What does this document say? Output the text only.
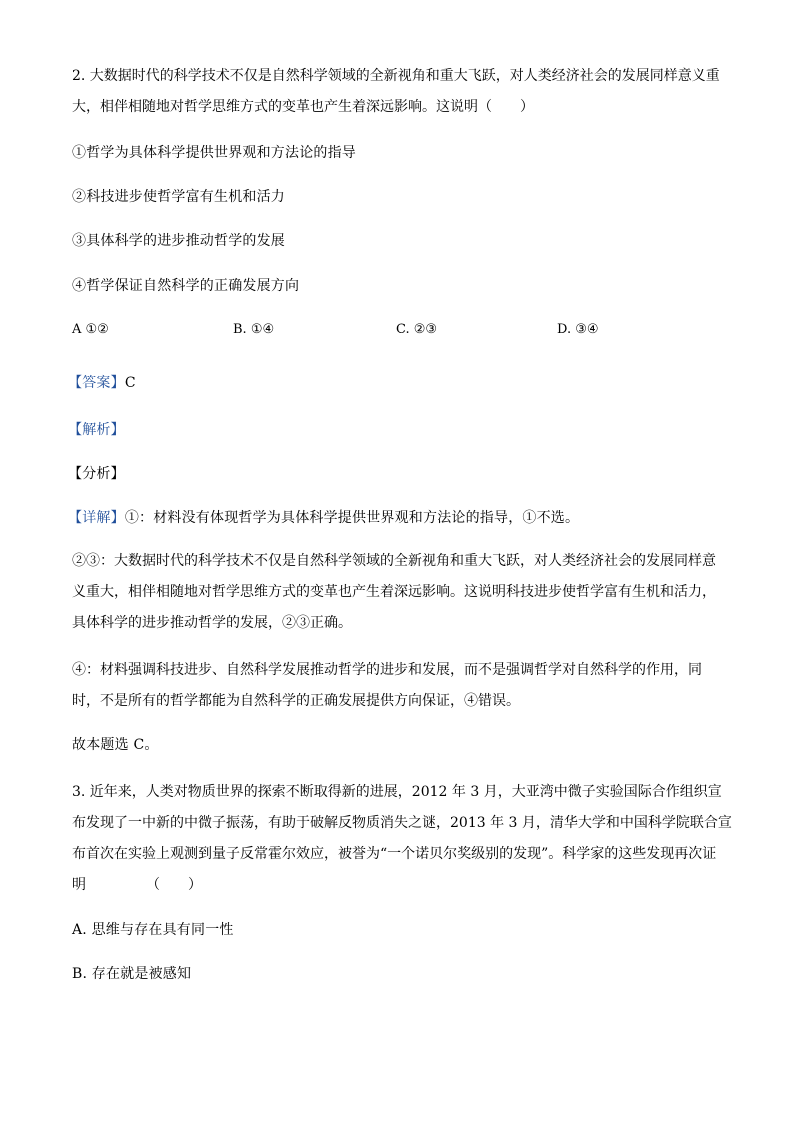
2. 大数据时代的科学技术不仅是自然科学领域的全新视角和重大飞跃，对人类经济社会的发展同样意义重
大，相伴相随地对哲学思维方式的变革也产生着深远影响。这说明（　　）
①哲学为具体科学提供世界观和方法论的指导
②科技进步使哲学富有生机和活力
③具体科学的进步推动哲学的发展
④哲学保证自然科学的正确发展方向
A ①②	B. ①④	C. ②③	D. ③④
【答案】C
【解析】
【分析】
【详解】①：材料没有体现哲学为具体科学提供世界观和方法论的指导，①不选。
②③：大数据时代的科学技术不仅是自然科学领域的全新视角和重大飞跃，对人类经济社会的发展同样意
义重大，相伴相随地对哲学思维方式的变革也产生着深远影响。这说明科技进步使哲学富有生机和活力，
具体科学的进步推动哲学的发展，②③正确。
④：材料强调科技进步、自然科学发展推动哲学的进步和发展，而不是强调哲学对自然科学的作用，同
时，不是所有的哲学都能为自然科学的正确发展提供方向保证，④错误。
故本题选 C。
3. 近年来，人类对物质世界的探索不断取得新的进展，2012 年 3 月，大亚湾中微子实验国际合作组织宣
布发现了一中新的中微子振荡，有助于破解反物质消失之谜，2013 年 3 月，清华大学和中国科学院联合宣
布首次在实验上观测到量子反常霍尔效应，被誉为“一个诺贝尔奖级别的发现”。科学家的这些发现再次证
明	（　　）
A. 思维与存在具有同一性
B. 存在就是被感知
